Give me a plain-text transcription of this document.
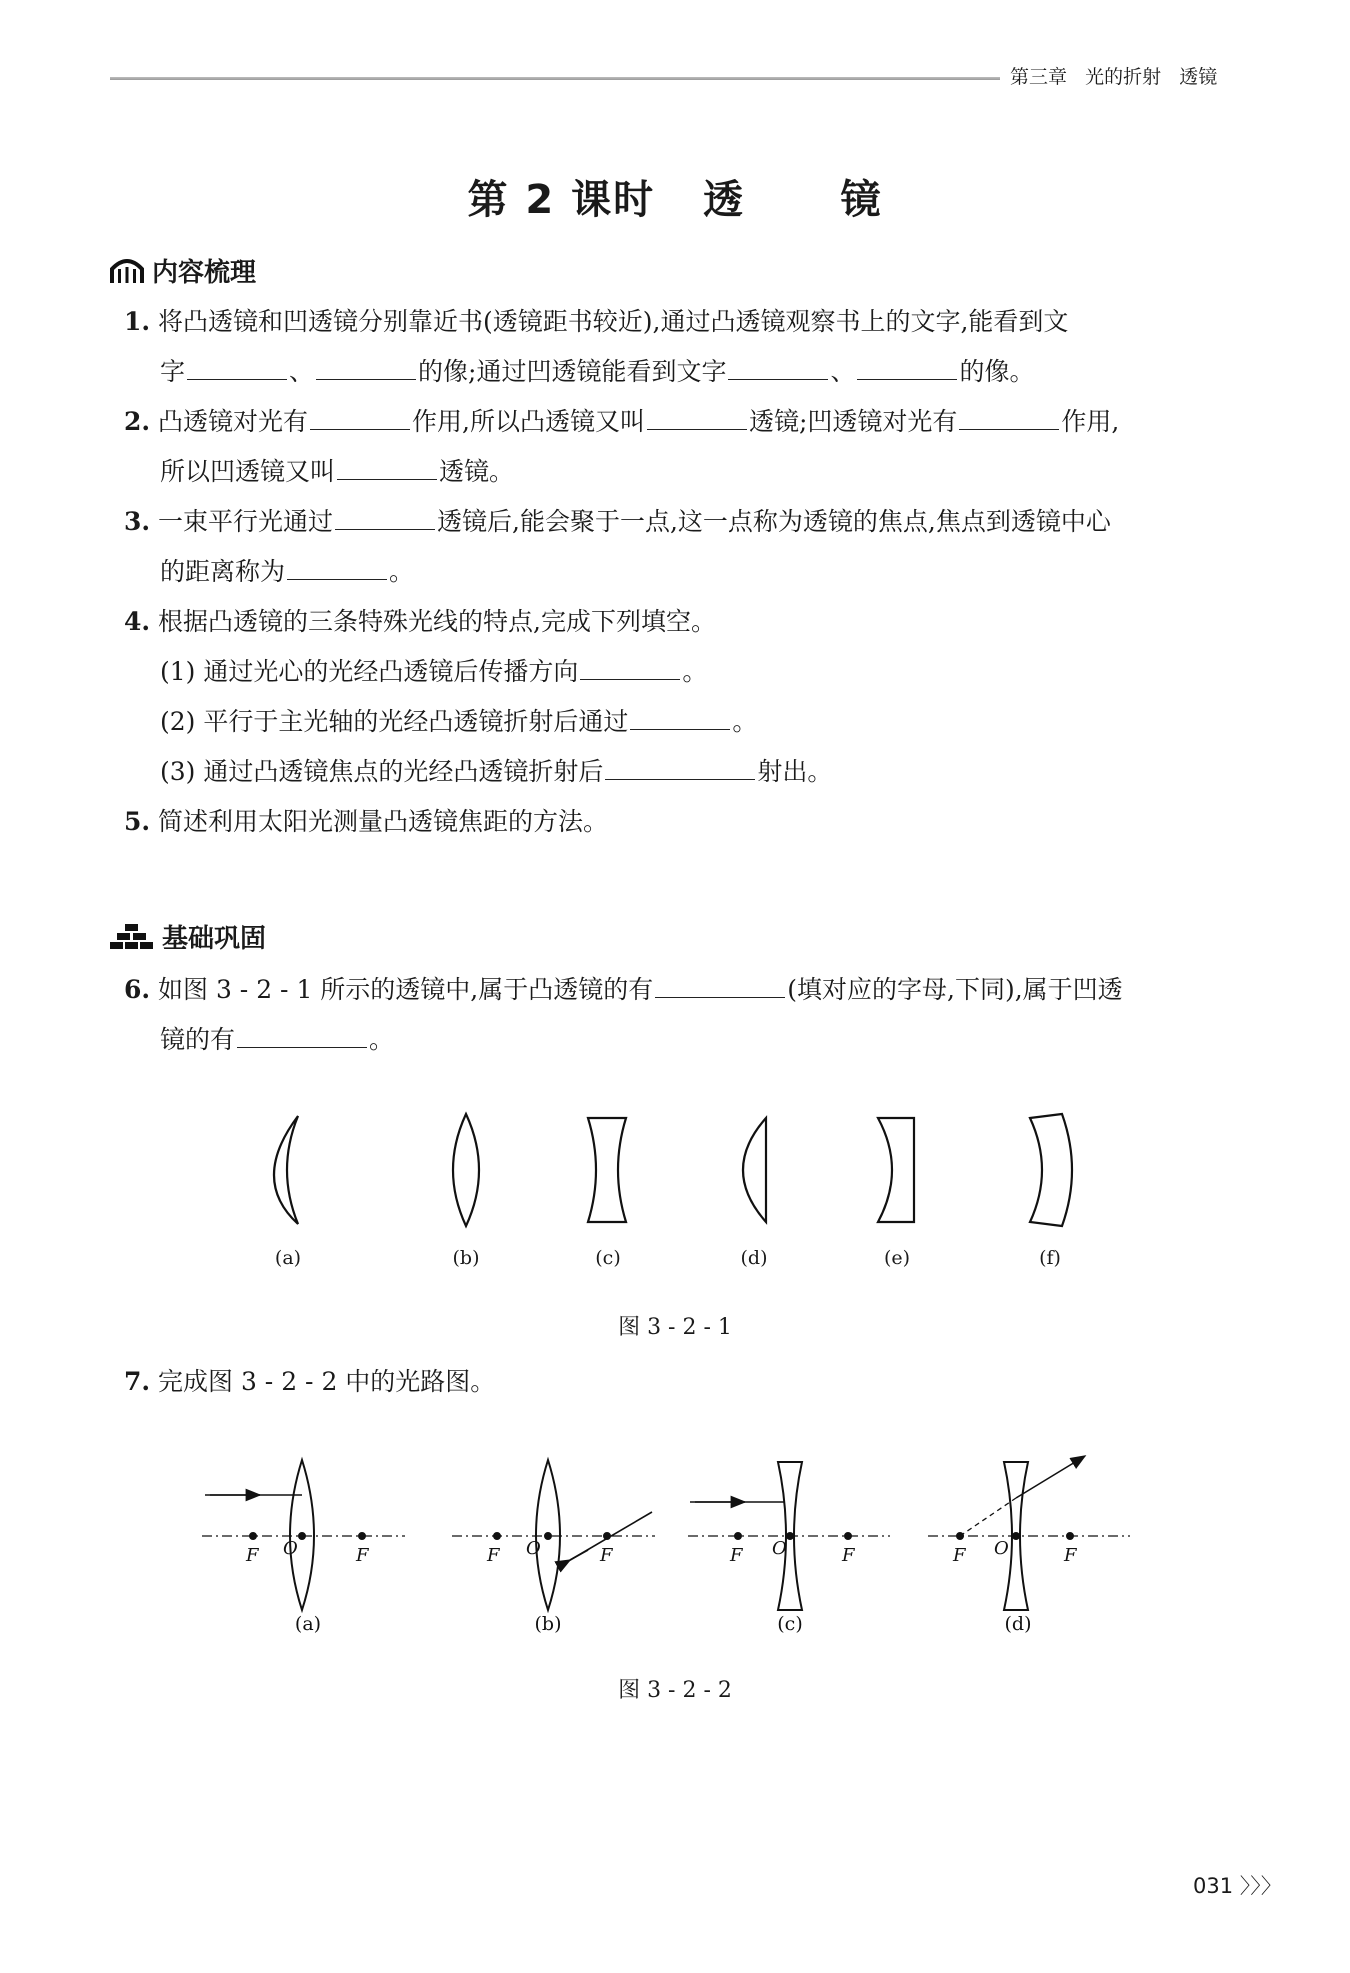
第三章   光的折射   透镜
第 2 课时   透      镜
内容梳理
1. 将凸透镜和凹透镜分别靠近书(透镜距书较近),通过凸透镜观察书上的文字,能看到文
字	、	的像;通过凹透镜能看到文字	、	的像。
2. 凸透镜对光有	作用,所以凸透镜又叫	透镜;凹透镜对光有	作用,
所以凹透镜又叫	透镜。
3. 一束平行光通过	透镜后,能会聚于一点,这一点称为透镜的焦点,焦点到透镜中心
的距离称为	。
4. 根据凸透镜的三条特殊光线的特点,完成下列填空。
(1) 通过光心的光经凸透镜后传播方向	。
(2) 平行于主光轴的光经凸透镜折射后通过	。
(3) 通过凸透镜焦点的光经凸透镜折射后	射出。
5. 简述利用太阳光测量凸透镜焦距的方法。
基础巩固
6. 如图 3 - 2 - 1 所示的透镜中,属于凸透镜的有	(填对应的字母,下同),属于凹透
镜的有	。
(a)	(b)	(c)	(d)	(e)	(f)
图 3 - 2 - 1
7. 完成图 3 - 2 - 2 中的光路图。
F O	F	F O	F	F O	F	F O	F
(a)	(b)	(c)	(d)
图 3 - 2 - 2
031 〉〉〉
